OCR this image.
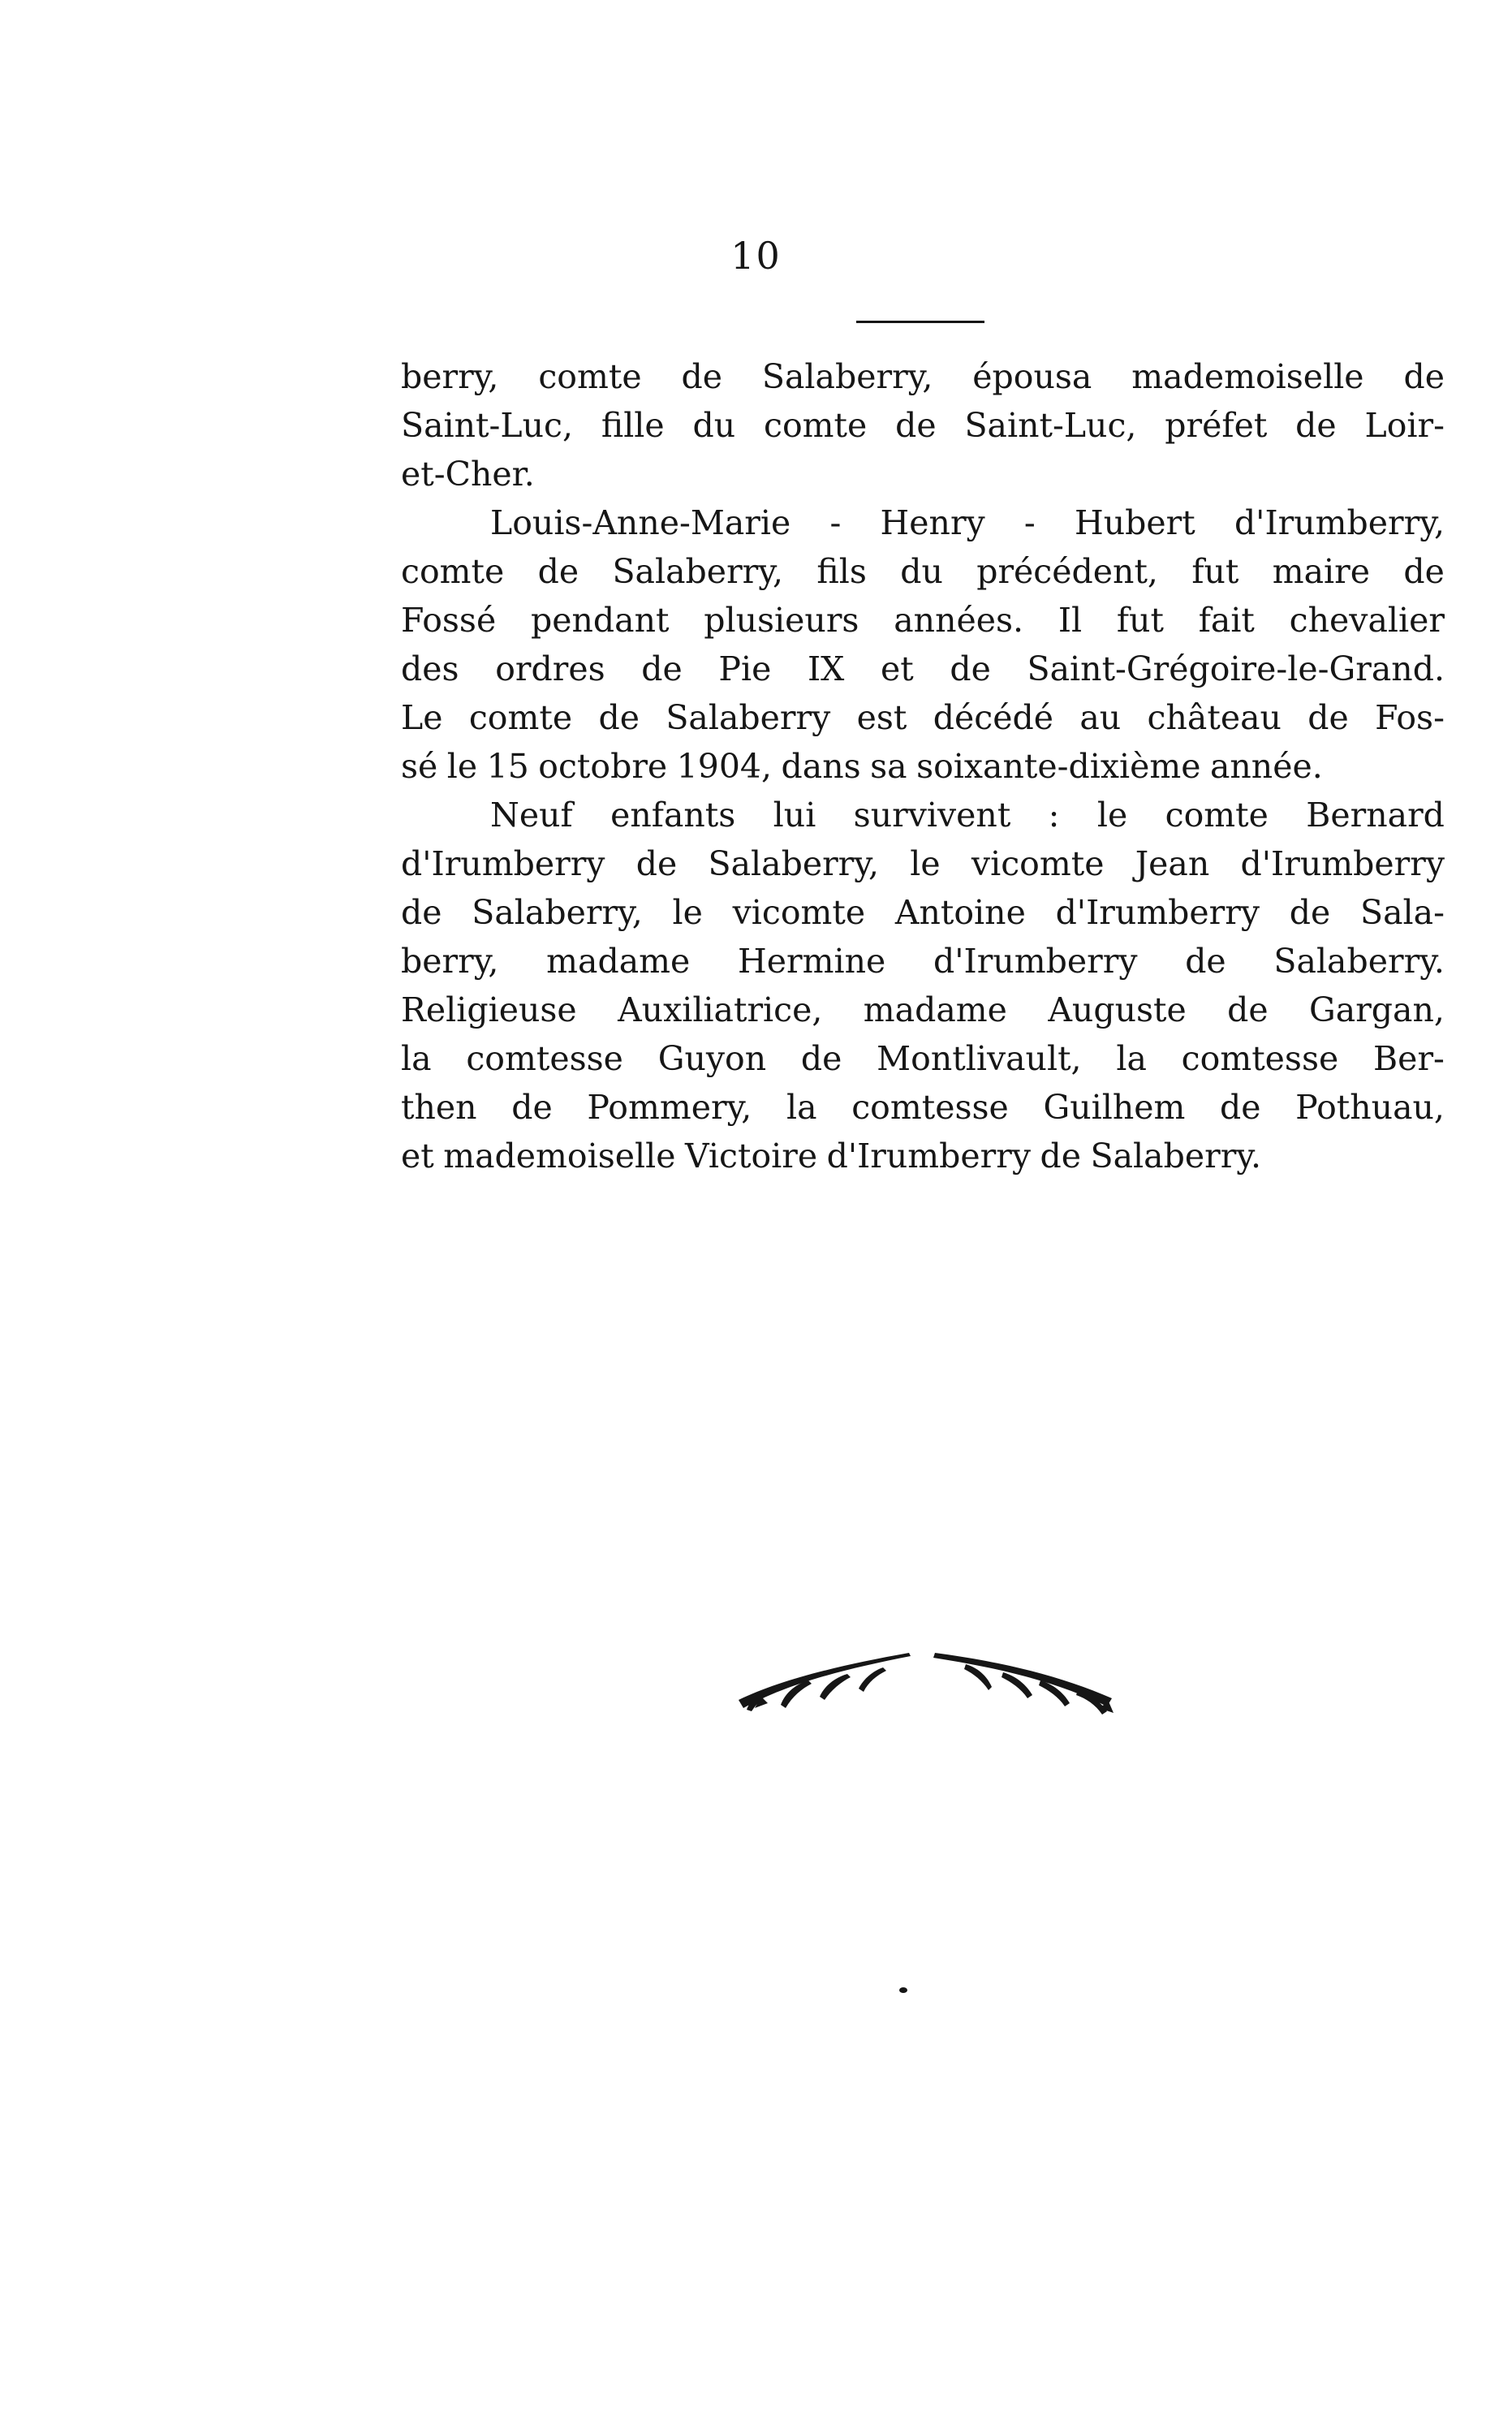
10
berry, comte de Salaberry, épousa mademoiselle de
Saint-Luc, fille du comte de Saint-Luc, préfet de Loir-
et-Cher.
Louis-Anne-Marie - Henry - Hubert d'Irumberry,
comte de Salaberry, fils du précédent, fut maire de
Fossé pendant plusieurs années. Il fut fait chevalier
des ordres de Pie IX et de Saint-Grégoire-le-Grand.
Le comte de Salaberry est décédé au château de Fos-
sé le 15 octobre 1904, dans sa soixante-dixième année.
Neuf enfants lui survivent : le comte Bernard
d'Irumberry de Salaberry, le vicomte Jean d'Irumberry
de Salaberry, le vicomte Antoine d'Irumberry de Sala-
berry, madame Hermine d'Irumberry de Salaberry.
Religieuse Auxiliatrice, madame Auguste de Gargan,
la comtesse Guyon de Montlivault, la comtesse Ber-
then de Pommery, la comtesse Guilhem de Pothuau,
et mademoiselle Victoire d'Irumberry de Salaberry.
